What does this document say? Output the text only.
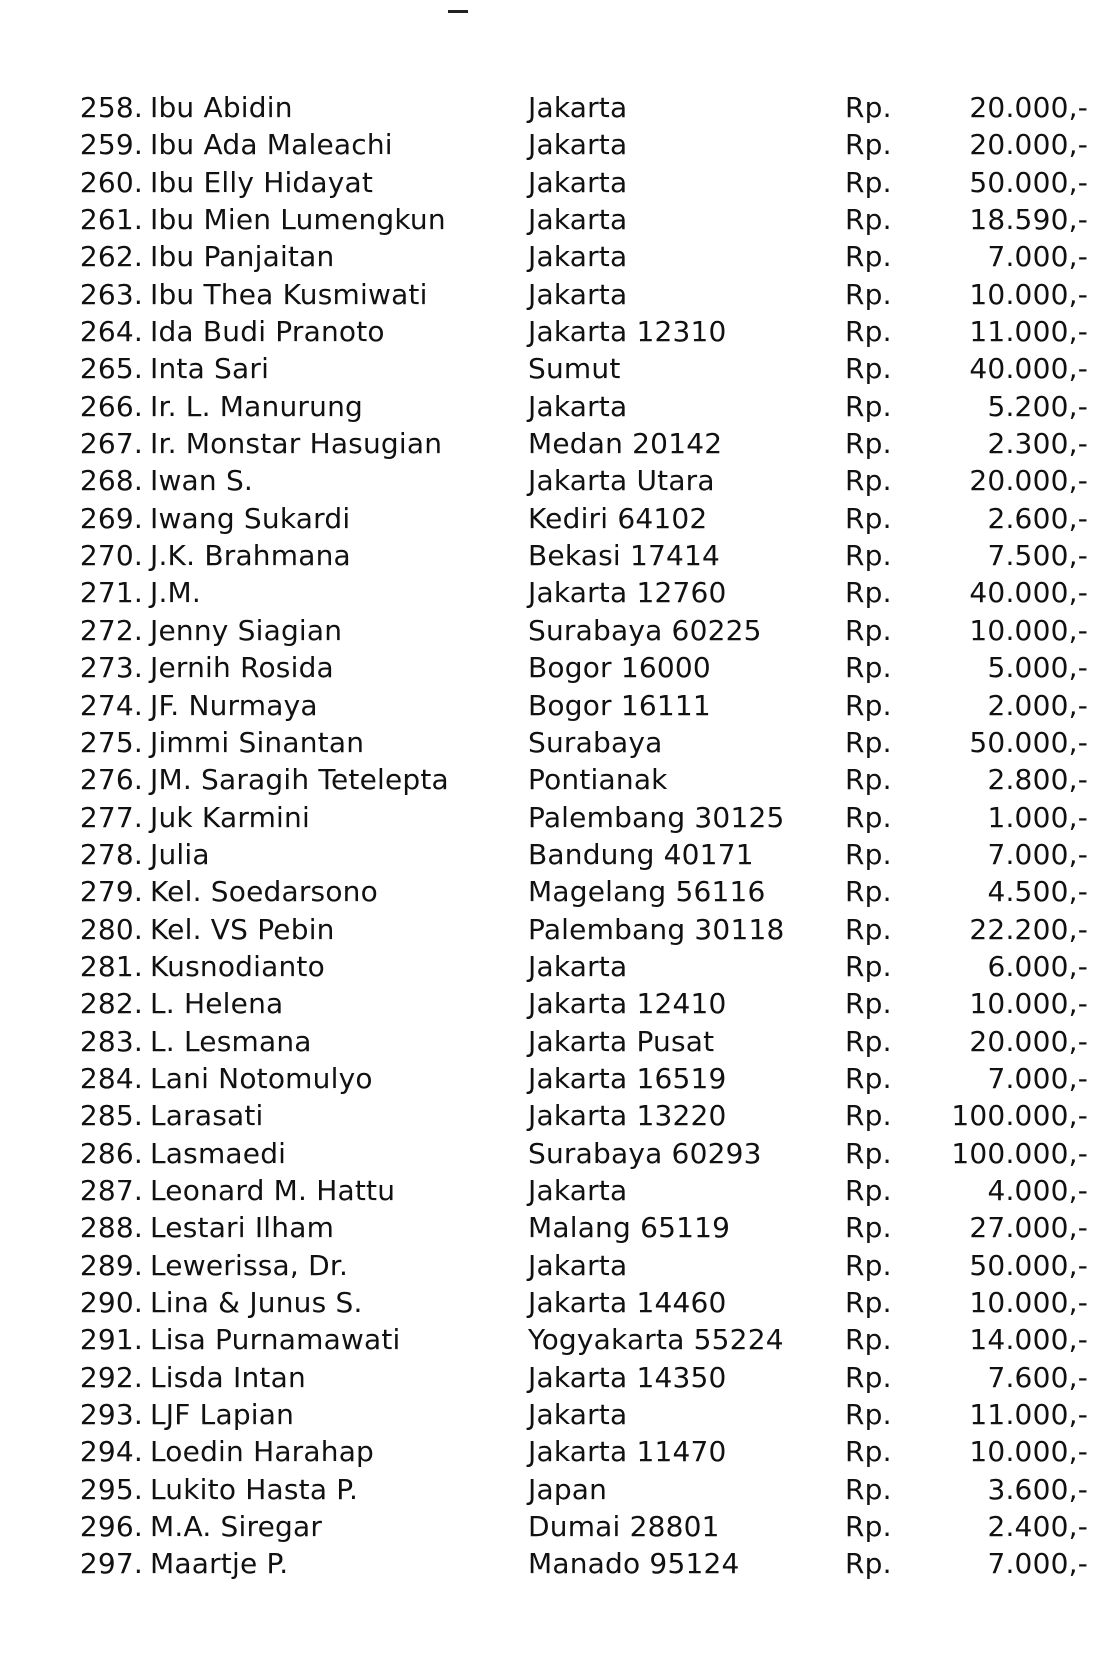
258. Ibu Abidin	Jakarta	Rp.	20.000,-
259. Ibu Ada Maleachi	Jakarta	Rp.	20.000,-
260. Ibu Elly Hidayat	Jakarta	Rp.	50.000,-
261. Ibu Mien Lumengkun	Jakarta	Rp.	18.590,-
262. Ibu Panjaitan	Jakarta	Rp.	7.000,-
263. Ibu Thea Kusmiwati	Jakarta	Rp.	10.000,-
264. Ida Budi Pranoto	Jakarta 12310	Rp.	11.000,-
265. Inta Sari	Sumut	Rp.	40.000,-
266. Ir. L. Manurung	Jakarta	Rp.	5.200,-
267. Ir. Monstar Hasugian	Medan 20142	Rp.	2.300,-
268. Iwan S.	Jakarta Utara	Rp.	20.000,-
269. Iwang Sukardi	Kediri 64102	Rp.	2.600,-
270. J.K. Brahmana	Bekasi 17414	Rp.	7.500,-
271. J.M.	Jakarta 12760	Rp.	40.000,-
272. Jenny Siagian	Surabaya 60225	Rp.	10.000,-
273. Jernih Rosida	Bogor 16000	Rp.	5.000,-
274. JF. Nurmaya	Bogor 16111	Rp.	2.000,-
275. Jimmi Sinantan	Surabaya	Rp.	50.000,-
276. JM. Saragih Tetelepta	Pontianak	Rp.	2.800,-
277. Juk Karmini	Palembang 30125 Rp.	1.000,-
278. Julia	Bandung 40171	Rp.	7.000,-
279. Kel. Soedarsono	Magelang 56116	Rp.	4.500,-
280. Kel. VS Pebin	Palembang 30118 Rp.	22.200,-
281. Kusnodianto	Jakarta	Rp.	6.000,-
282. L. Helena	Jakarta 12410	Rp.	10.000,-
283. L. Lesmana	Jakarta Pusat	Rp.	20.000,-
284. Lani Notomulyo	Jakarta 16519	Rp.	7.000,-
285. Larasati	Jakarta 13220	Rp. 100.000,-
286. Lasmaedi	Surabaya 60293	Rp. 100.000,-
287. Leonard M. Hattu	Jakarta	Rp.	4.000,-
288. Lestari Ilham	Malang 65119	Rp.	27.000,-
289. Lewerissa, Dr.	Jakarta	Rp.	50.000,-
290. Lina & Junus S.	Jakarta 14460	Rp.	10.000,-
291. Lisa Purnamawati	Yogyakarta 55224 Rp.	14.000,-
292. Lisda Intan	Jakarta 14350	Rp.	7.600,-
293. LJF Lapian	Jakarta	Rp.	11.000,-
294. Loedin Harahap	Jakarta 11470	Rp.	10.000,-
295. Lukito Hasta P.	Japan	Rp.	3.600,-
296. M.A. Siregar	Dumai 28801	Rp.	2.400,-
297. Maartje P.	Manado 95124	Rp.	7.000,-
